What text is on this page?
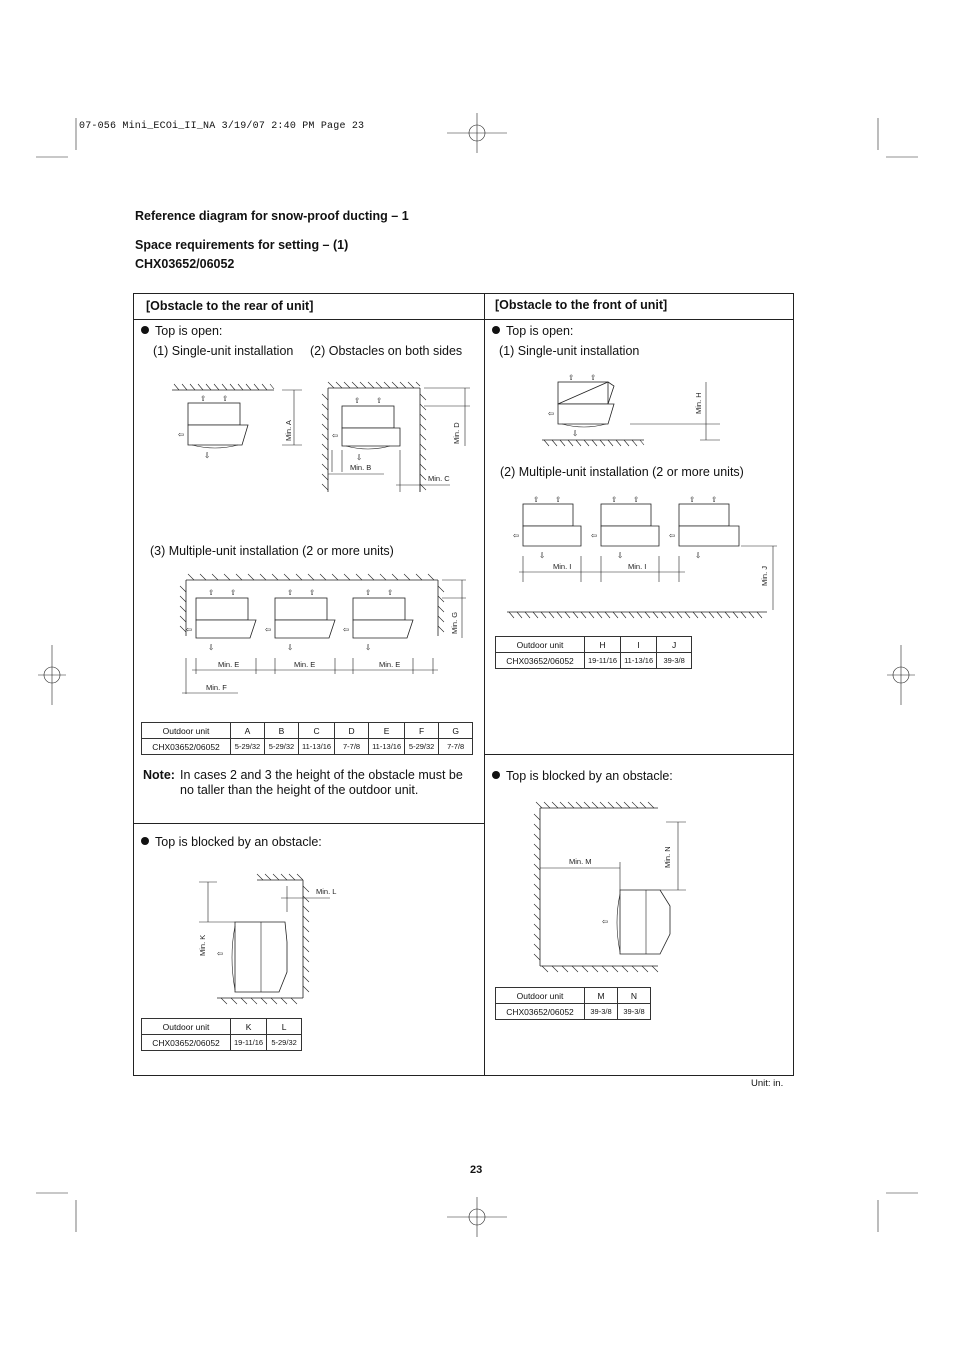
07-056 Mini_ECOi_II_NA 3/19/07 2:40 PM Page 23
Reference diagram for snow-proof ducting – 1
Space requirements for setting – (1)
CHX03652/06052
[Obstacle to the rear of unit]	[Obstacle to the front of unit]
Top is open:
(1) Single-unit installation (2) Obstacles on both sides
⇧ ⇧
⇦
⇩
Min. A
⇧ ⇧
⇦
⇩
Min. B
Min. C
Min. D
(3) Multiple-unit installation (2 or more units)
⇧ ⇧	⇧ ⇧	⇧ ⇧
⇦	⇦	⇦
⇩	⇩	⇩
Min. E	Min. E	Min. E
Min. F
Min. G
Outdoor unit	A	B	C	D	E	F	G
CHX03652/06052	5-29/32	5-29/32	11-13/16	7-7/8	11-13/16	5-29/32	7-7/8
Note: In cases 2 and 3 the height of the obstacle must be no taller than the height of the outdoor unit.
Top is blocked by an obstacle:
⇦
Min. K
Min. L
Outdoor unit	K	L
CHX03652/06052	19-11/16	5-29/32
Top is open:
(1) Single-unit installation
⇧ ⇧
⇦
⇩
Min. H
(2) Multiple-unit installation (2 or more units)
⇧ ⇧	⇧ ⇧	⇧ ⇧
⇦	⇦	⇦
⇩	⇩	⇩
Min. I	Min. I	Min. J
Outdoor unit	H	I	J
CHX03652/06052	19-11/16	11-13/16	39-3/8
Top is blocked by an obstacle:
⇦
Min. M	Min. N
Outdoor unit	M	N
CHX03652/06052	39-3/8	39-3/8
Unit: in.
23
